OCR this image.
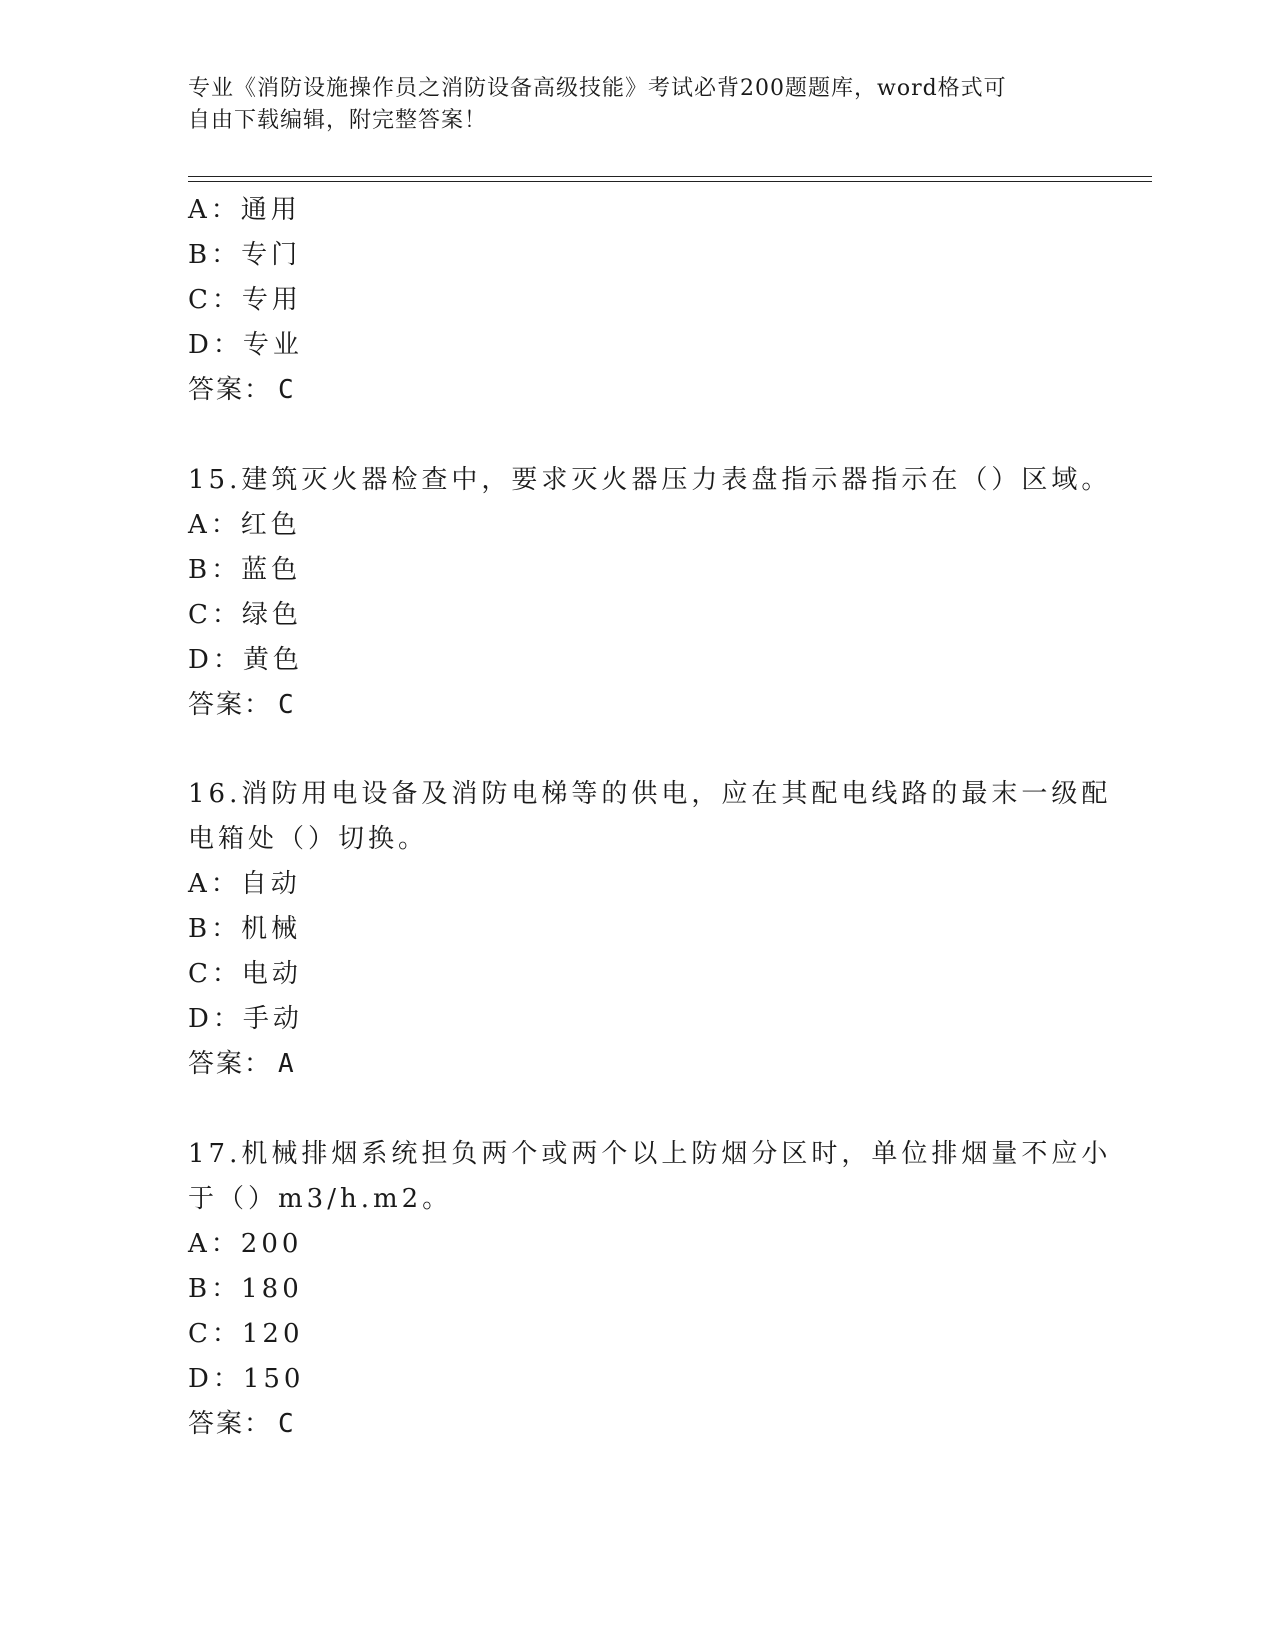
专业《消防设施操作员之消防设备高级技能》考试必背200题题库，word格式可
自由下载编辑，附完整答案！
A：通用
B：专门
C：专用
D：专业
答案： C
15.建筑灭火器检查中，要求灭火器压力表盘指示器指示在（）区域。
A：红色
B：蓝色
C：绿色
D：黄色
答案： C
16.消防用电设备及消防电梯等的供电，应在其配电线路的最末一级配
电箱处（）切换。
A：自动
B：机械
C：电动
D：手动
答案： A
17.机械排烟系统担负两个或两个以上防烟分区时，单位排烟量不应小
于（）m3/h.m2。
A：200
B：180
C：120
D：150
答案： C
